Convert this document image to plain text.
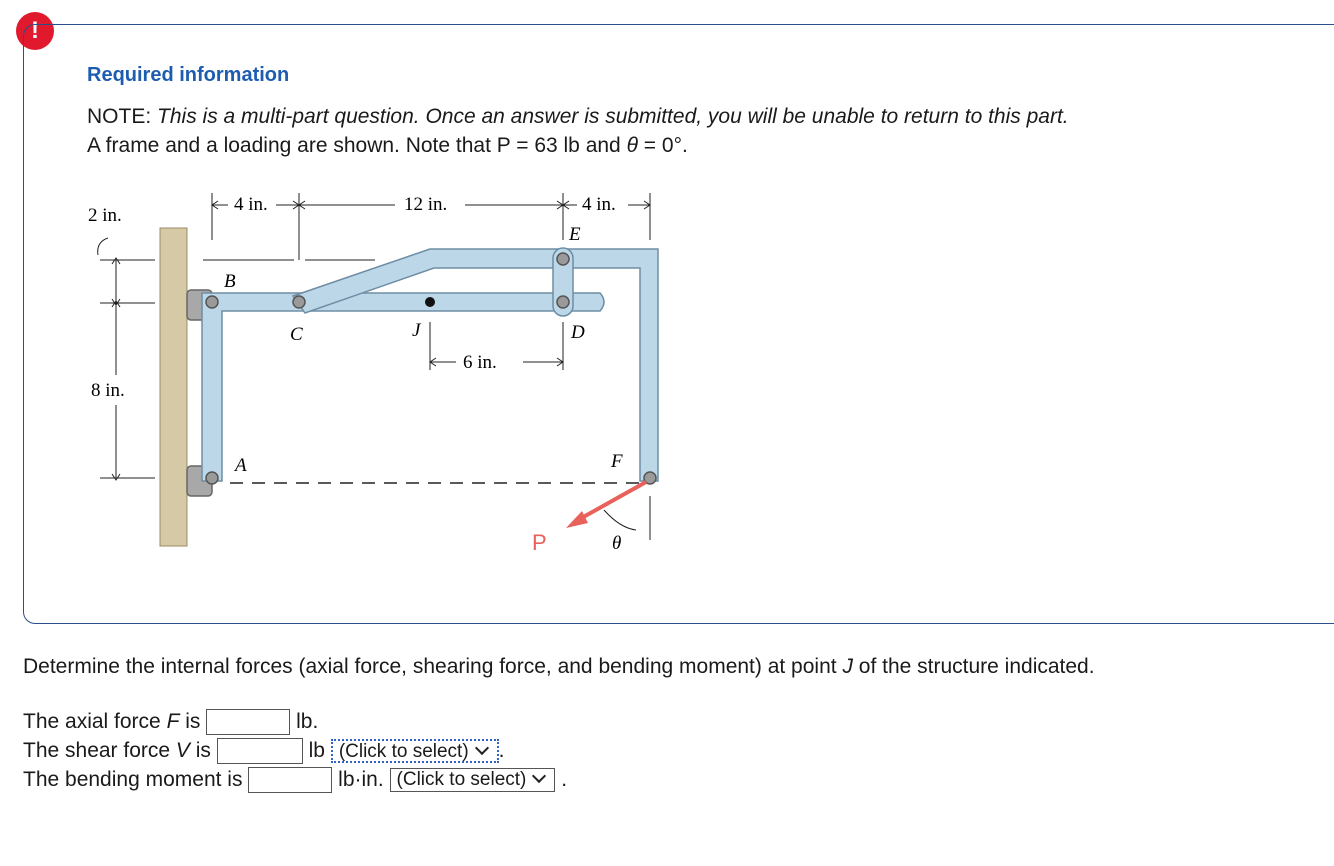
!
Required information
NOTE: This is a multi-part question. Once an answer is submitted, you will be unable to return to this part.
A frame and a loading are shown. Note that P = 63 lb and θ = 0°.
2 in.
8 in.
4 in.	12 in.	4 in.
6 in.
B
C	J	D
E
A	F
P	θ
Determine the internal forces (axial force, shearing force, and bending moment) at point J of the structure indicated.
The axial force F is	lb.
The shear force V is	lb (Click to select) .
The bending moment is	lb·in. (Click to select) .
